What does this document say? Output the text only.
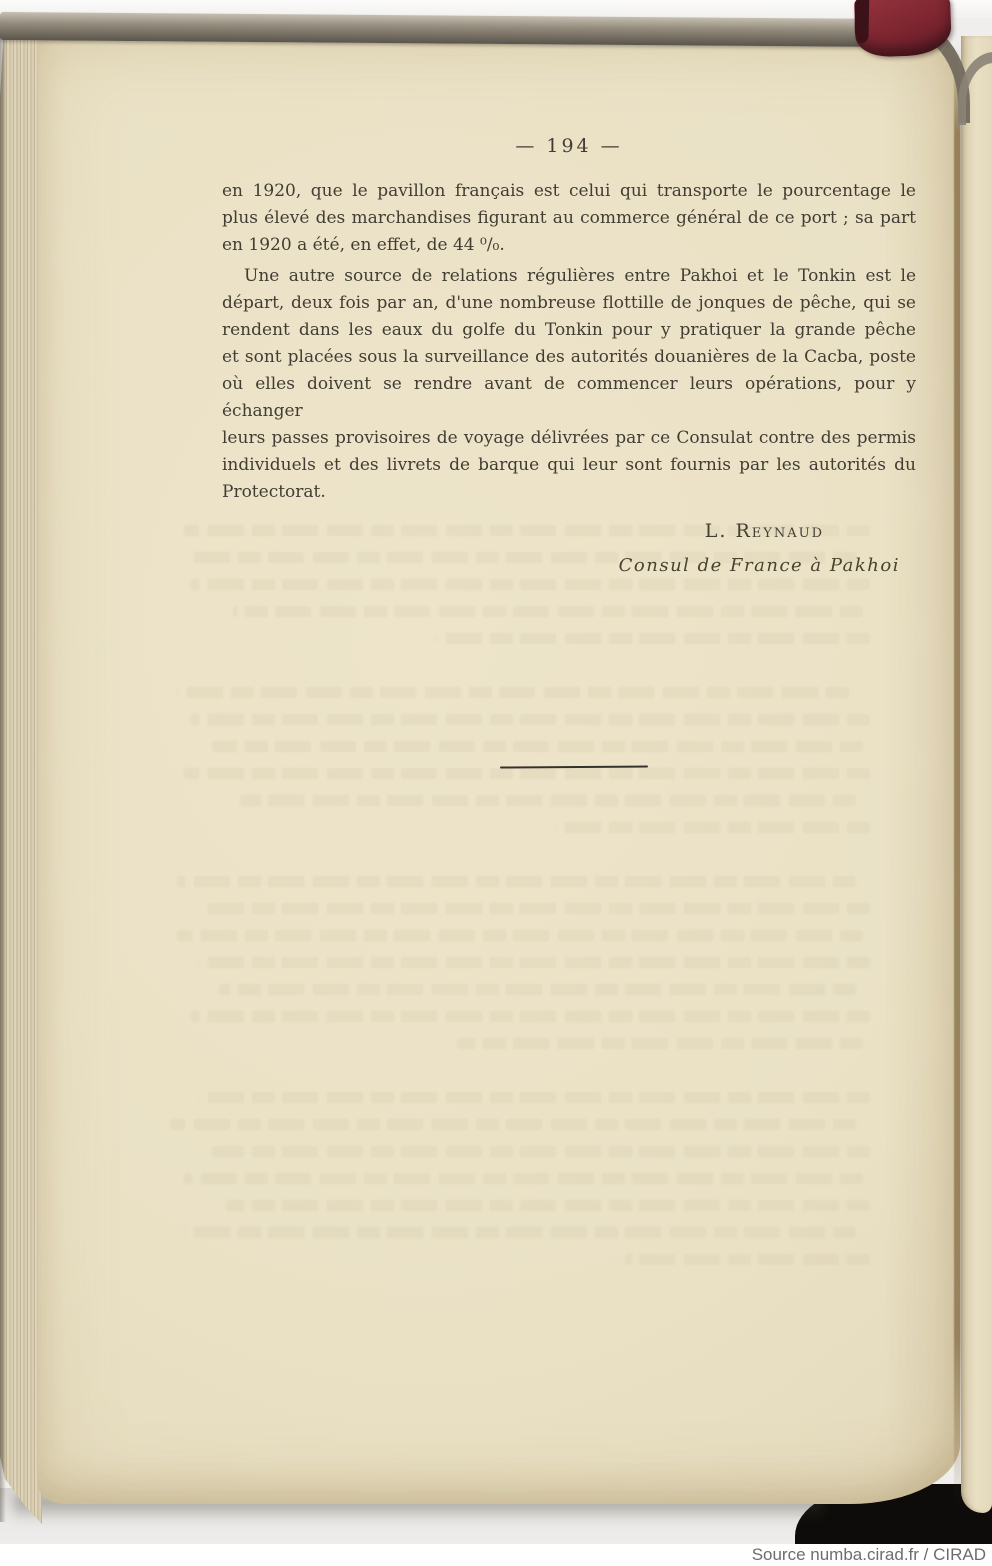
— 194 —
en 1920, que le pavillon français est celui qui transporte le pourcentage le
plus élevé des marchandises figurant au commerce général de ce port ; sa part
en 1920 a été, en effet, de 44 ⁰/₀.
Une autre source de relations régulières entre Pakhoi et le Tonkin est le
départ, deux fois par an, d'une nombreuse flottille de jonques de pêche, qui se
rendent dans les eaux du golfe du Tonkin pour y pratiquer la grande pêche
et sont placées sous la surveillance des autorités douanières de la Cacba, poste
où elles doivent se rendre avant de commencer leurs opérations, pour y échanger
leurs passes provisoires de voyage délivrées par ce Consulat contre des permis
individuels et des livrets de barque qui leur sont fournis par les autorités du
Protectorat.
L. Reynaud
Consul de France à Pakhoi
Source numba.cirad.fr / CIRAD
